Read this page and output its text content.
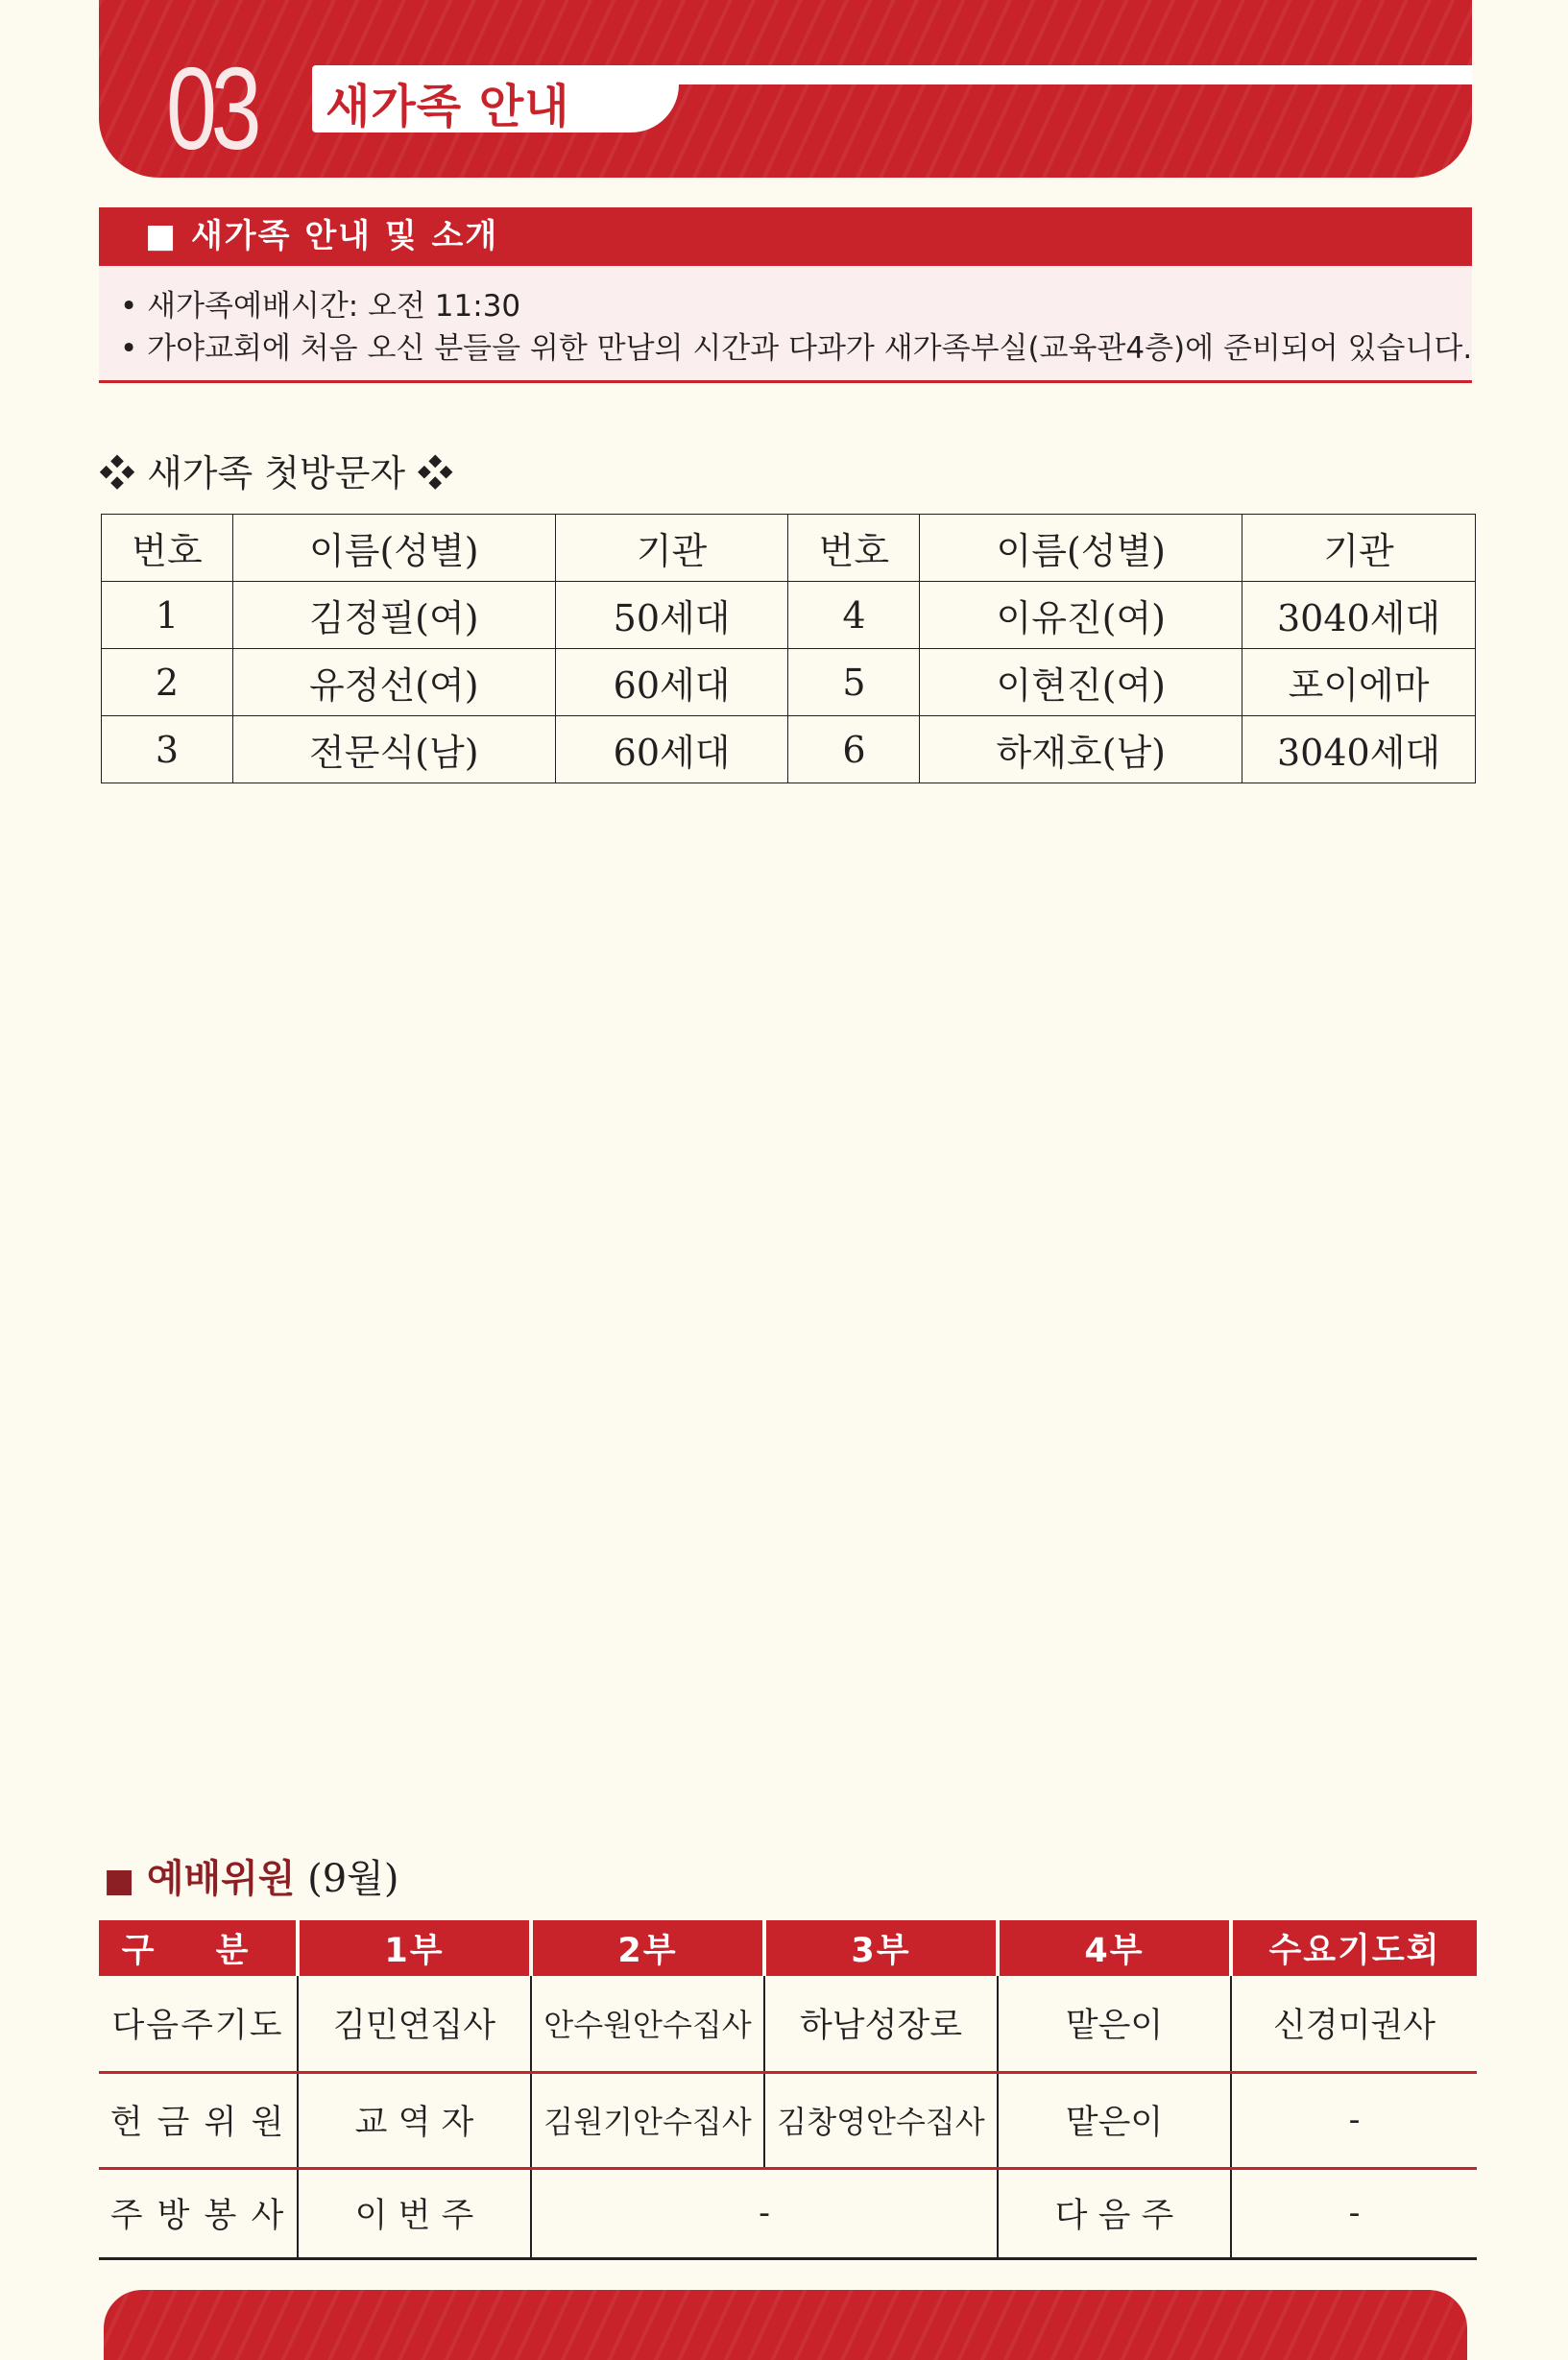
03 새가족 안내
■ 새가족 안내 및 소개
• 새가족예배시간: 오전 11:30
• 가야교회에 처음 오신 분들을 위한 만남의 시간과 다과가 새가족부실(교육관4층)에 준비되어 있습니다.
❖ 새가족 첫방문자 ❖
번호	이름(성별)	기관	번호	이름(성별)	기관
1	김정필(여)	50세대	4	이유진(여)	3040세대
2	유정선(여)	60세대	5	이현진(여)	포이에마
3	전문식(남)	60세대	6	하재호(남)	3040세대
■ 예배위원 (9월)
구 분	1부	2부	3부	4부	수요기도회
다음주기도	김민연집사	안수원안수집사	하남성장로	맡은이	신경미권사
헌 금 위 원	교 역 자	김원기안수집사	김창영안수집사	맡은이	-
주 방 봉 사	이 번 주	-		다 음 주	-
